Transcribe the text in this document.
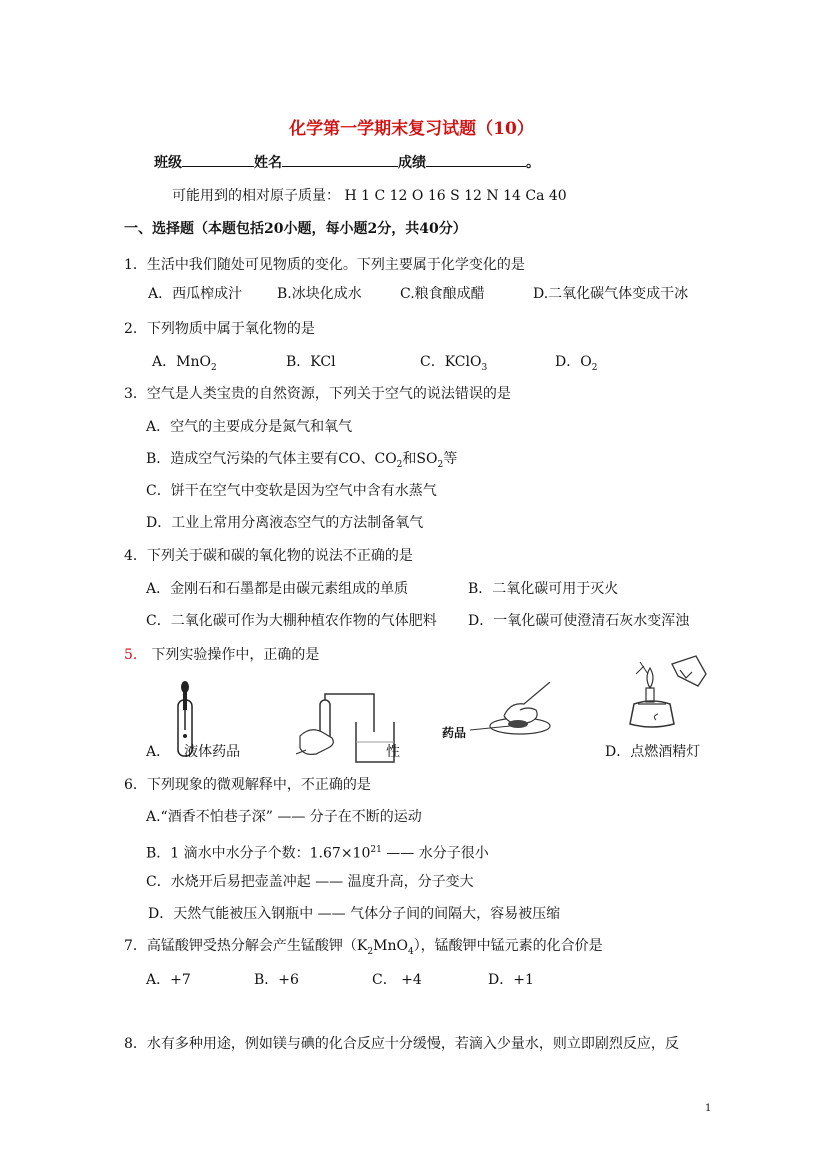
化学第一学期末复习试题（10）
班级	姓名	成绩	。
可能用到的相对原子质量： H 1 C 12 O 16 S 12 N 14 Ca 40
一、选择题（本题包括20小题，每小题2分，共40分）
1．生活中我们随处可见物质的变化。下列主要属于化学变化的是
A．西瓜榨成汁 B.冰块化成水	C.粮食酿成醋	D.二氧化碳气体变成干冰
2．下列物质中属于氧化物的是
A．MnO$_2$	B．KCl	C．KClO$_3$	D．$O_2$
3．空气是人类宝贵的自然资源，下列关于空气的说法错误的是
A．空气的主要成分是氮气和氧气
B．造成空气污染的气体主要有CO、$CO_2$和$SO_2$等
C．饼干在空气中变软是因为空气中含有水蒸气
D．工业上常用分离液态空气的方法制备氧气
4．下列关于碳和碳的氧化物的说法不正确的是
A．金刚石和石墨都是由碳元素组成的单质	B．二氧化碳可用于灭火
C．二氧化碳可作为大棚种植农作物的气体肥料 D．一氧化碳可使澄清石灰水变浑浊
5． 下列实验操作中，正确的是
药品
A． 液体药品	性	D．点燃酒精灯
6．下列现象的微观解释中，不正确的是
A.“酒香不怕巷子深” —— 分子在不断的运动
B．1 滴水中水分子个数：$1.67\times 10^{21}$ —— 水分子很小
C．水烧开后易把壶盖冲起 —— 温度升高，分子变大
D．天然气能被压入钢瓶中 —— 气体分子间的间隔大，容易被压缩
7．高锰酸钾受热分解会产生锰酸钾$(K_2MnO_4)$，锰酸钾中锰元素的化合价是
A．+7	B．+6	C． +4	D．+1
8．水有多种用途，例如镁与碘的化合反应十分缓慢，若滴入少量水，则立即剧烈反应，反
1
